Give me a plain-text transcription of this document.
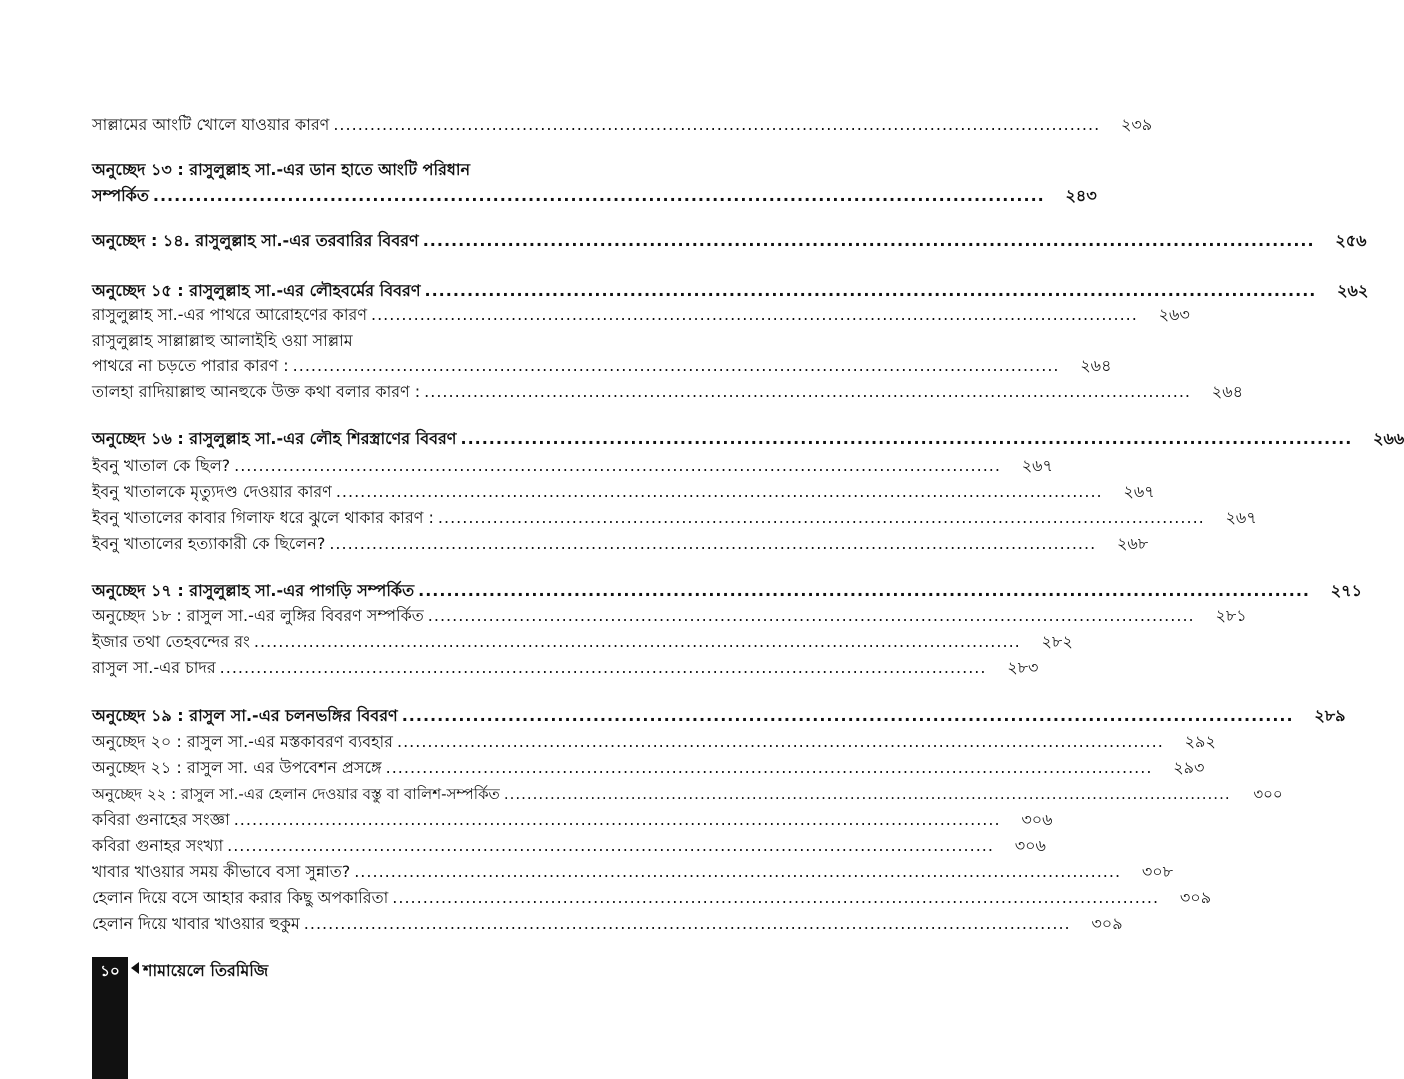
সাল্লামের আংটি খোলে যাওয়ার কারণ ..............................................................................................................................	২৩৯
অনুচ্ছেদ ১৩ : রাসুলুল্লাহ সা.-এর ডান হাতে আংটি পরিধান
সম্পর্কিত ..............................................................................................................................	২৪৩
অনুচ্ছেদ : ১৪. রাসুলুল্লাহ সা.-এর তরবারির বিবরণ ..............................................................................................................................	২৫৬
অনুচ্ছেদ ১৫ : রাসুলুল্লাহ সা.-এর লৌহবর্মের বিবরণ ..............................................................................................................................	২৬২
রাসুলুল্লাহ সা.-এর পাথরে আরোহণের কারণ ..............................................................................................................................	২৬৩
রাসুলুল্লাহ সাল্লাল্লাহু আলাইহি ওয়া সাল্লাম
পাথরে না চড়তে পারার কারণ : ..............................................................................................................................	২৬৪
তালহা রাদিয়াল্লাহু আনহুকে উক্ত কথা বলার কারণ : ..............................................................................................................................	২৬৪
অনুচ্ছেদ ১৬ : রাসুলুল্লাহ সা.-এর লৌহ শিরস্ত্রাণের বিবরণ ..............................................................................................................................	২৬৬
ইবনু খাতাল কে ছিল? ..............................................................................................................................	২৬৭
ইবনু খাতালকে মৃত্যুদণ্ড দেওয়ার কারণ ..............................................................................................................................	২৬৭
ইবনু খাতালের কাবার গিলাফ ধরে ঝুলে থাকার কারণ : ..............................................................................................................................	২৬৭
ইবনু খাতালের হত্যাকারী কে ছিলেন? ..............................................................................................................................	২৬৮
অনুচ্ছেদ ১৭ : রাসুলুল্লাহ সা.-এর পাগড়ি সম্পর্কিত ..............................................................................................................................	২৭১
অনুচ্ছেদ ১৮ : রাসুল সা.-এর লুঙ্গির বিবরণ সম্পর্কিত ..............................................................................................................................	২৮১
ইজার তথা তেহবন্দের রং ..............................................................................................................................	২৮২
রাসুল সা.-এর চাদর ..............................................................................................................................	২৮৩
অনুচ্ছেদ ১৯ : রাসুল সা.-এর চলনভঙ্গির বিবরণ ..............................................................................................................................	২৮৯
অনুচ্ছেদ ২০ : রাসুল সা.-এর মস্তকাবরণ ব্যবহার ..............................................................................................................................	২৯২
অনুচ্ছেদ ২১ : রাসুল সা. এর উপবেশন প্রসঙ্গে ..............................................................................................................................	২৯৩
অনুচ্ছেদ ২২ : রাসুল সা.-এর হেলান দেওয়ার বস্তু বা বালিশ-সম্পর্কিত ..............................................................................................................................	৩০০
কবিরা গুনাহের সংজ্ঞা ..............................................................................................................................	৩০৬
কবিরা গুনাহর সংখ্যা ..............................................................................................................................	৩০৬
খাবার খাওয়ার সময় কীভাবে বসা সুন্নাত? ..............................................................................................................................	৩০৮
হেলান দিয়ে বসে আহার করার কিছু অপকারিতা ..............................................................................................................................	৩০৯
হেলান দিয়ে খাবার খাওয়ার হুকুম ..............................................................................................................................	৩০৯
১০	শামায়েলে তিরমিজি
